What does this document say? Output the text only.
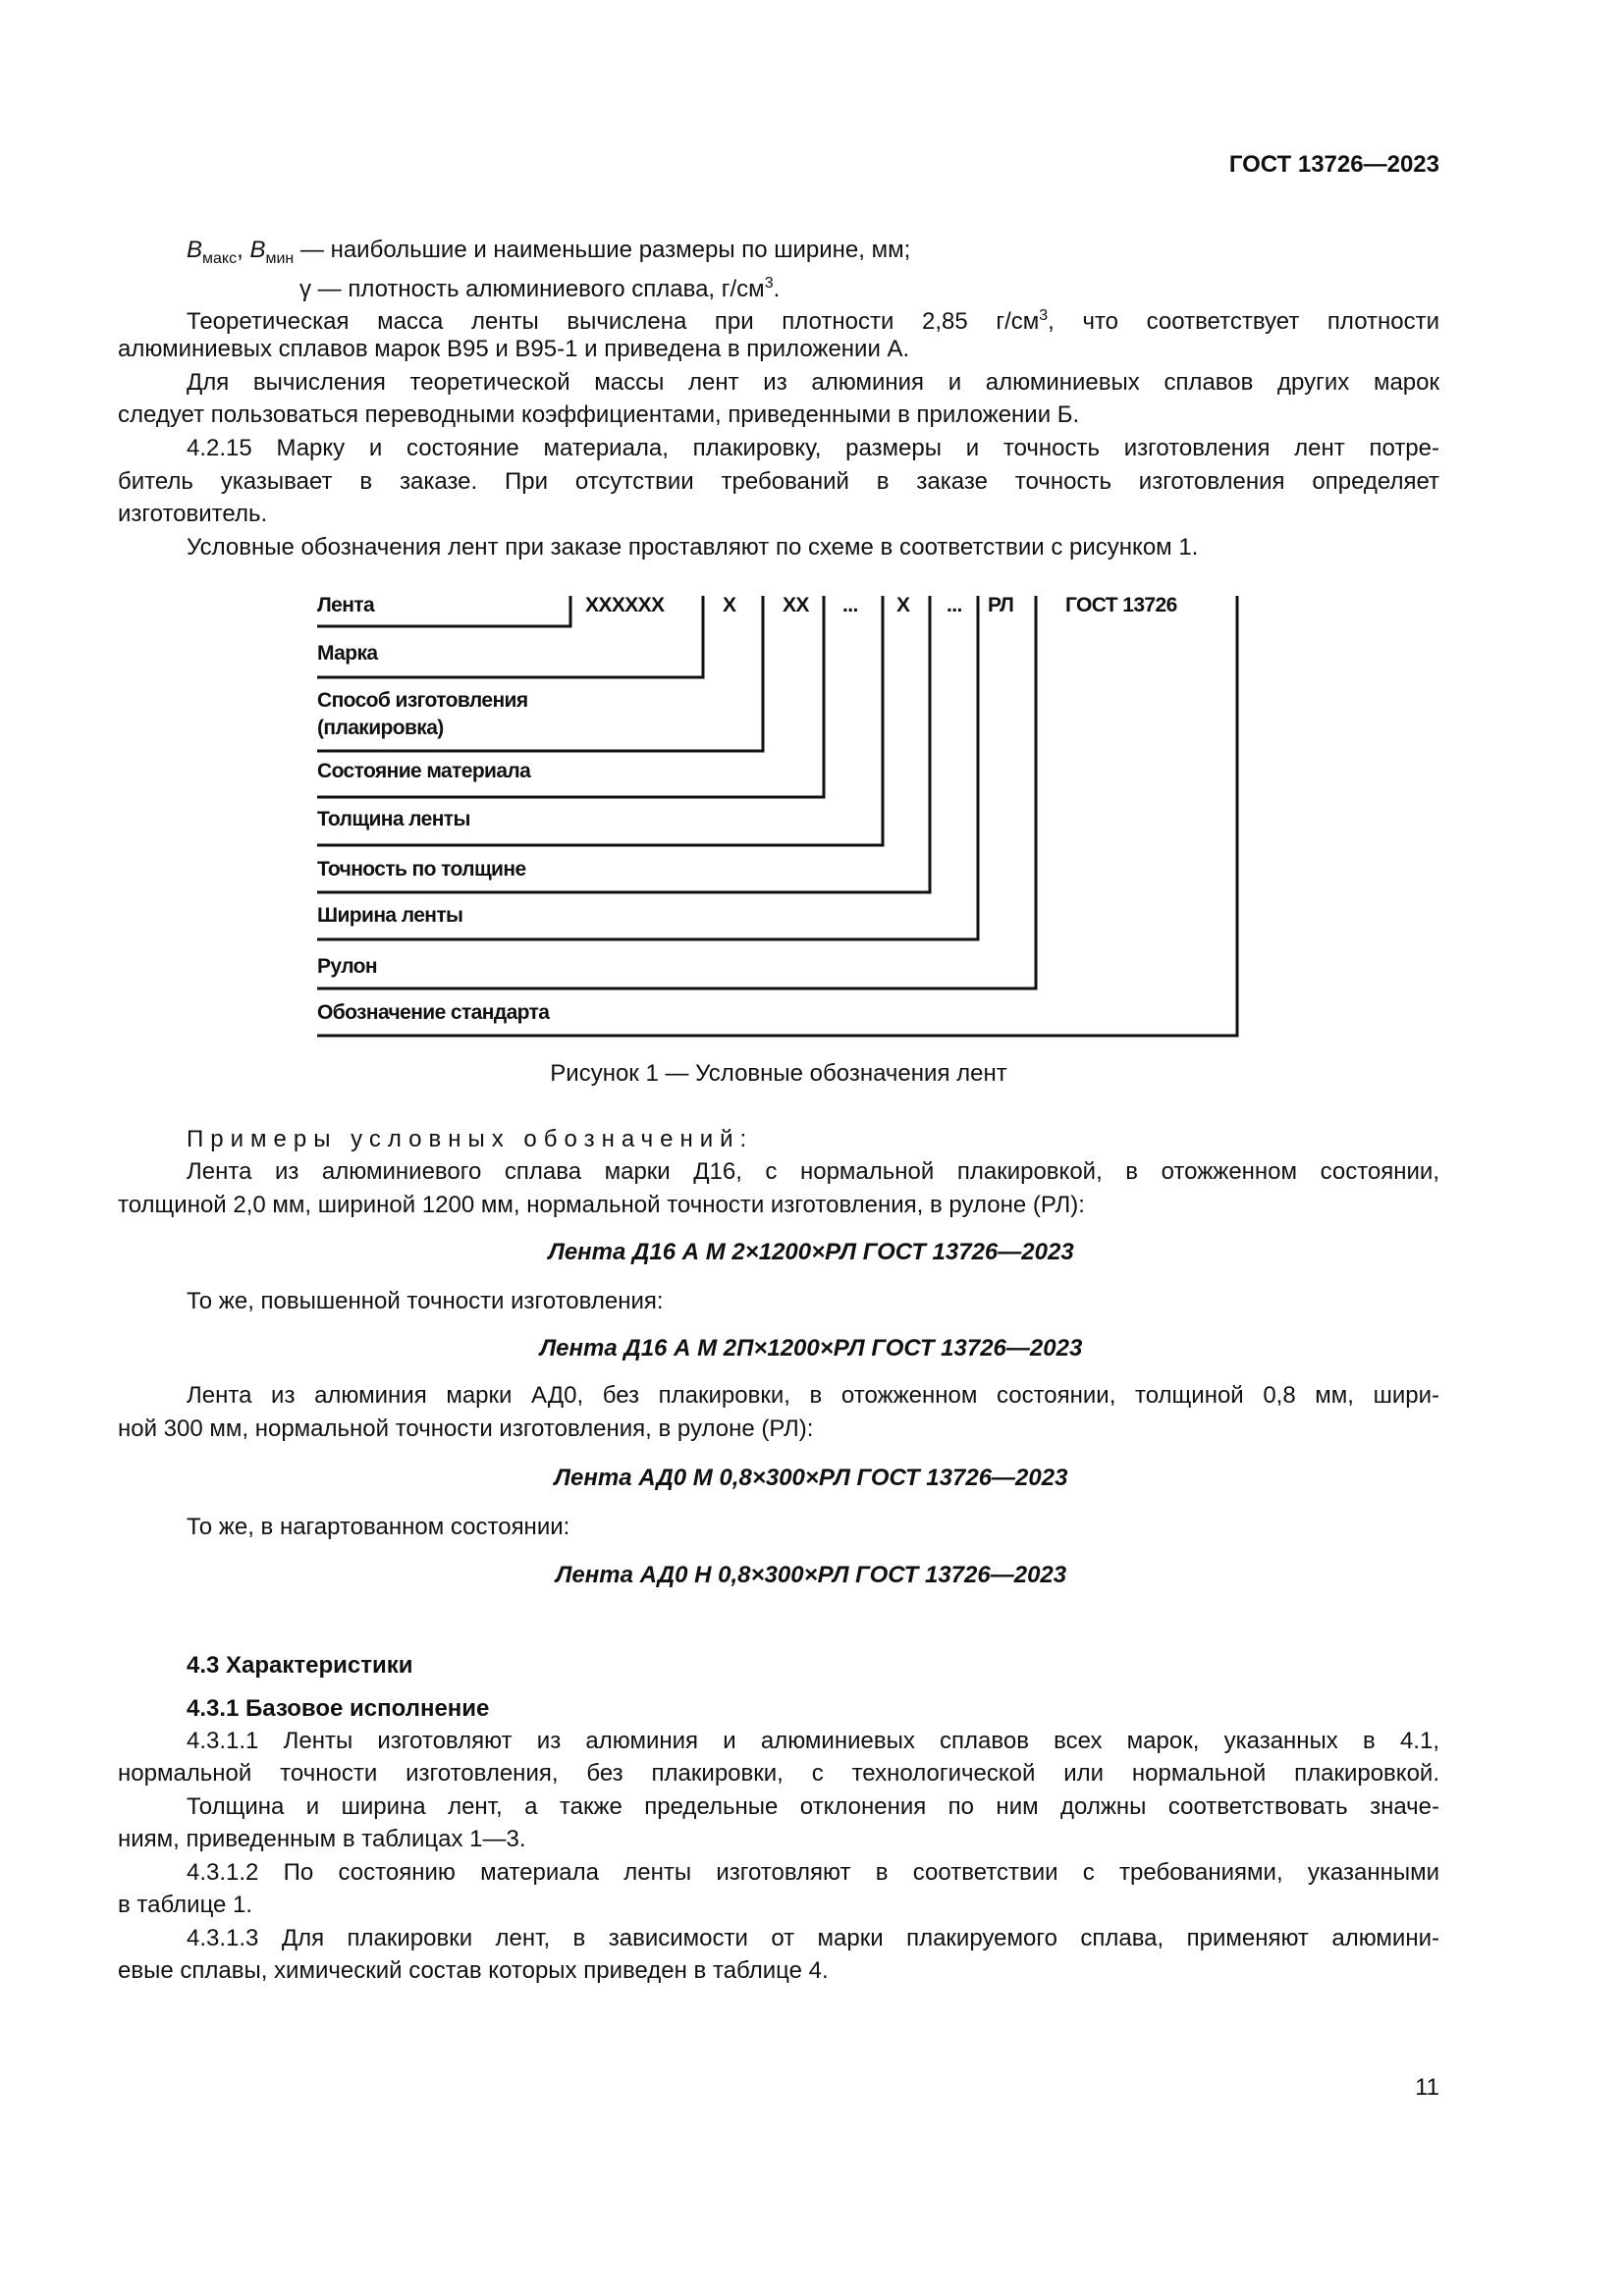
ГОСТ 13726—2023
$B_{макс}$, $B_{мин}$ — наибольшие и наименьшие размеры по ширине, мм;
γ — плотность алюминиевого сплава, $г/см^3$.
Теоретическая масса ленты вычислена при плотности 2,85 $г/см^3$, что соответствует плотности
алюминиевых сплавов марок В95 и В95-1 и приведена в приложении А.
Для вычисления теоретической массы лент из алюминия и алюминиевых сплавов других марок
следует пользоваться переводными коэффициентами, приведенными в приложении Б.
4.2.15 Марку и состояние материала, плакировку, размеры и точность изготовления лент потре-
битель указывает в заказе. При отсутствии требований в заказе точность изготовления определяет
изготовитель.
Условные обозначения лент при заказе проставляют по схеме в соответствии с рисунком 1.
XXXXXX	X XX ... X ... РЛ	ГОСТ 13726
Лента
Марка
Способ изготовления
(плакировка)
Состояние материала
Толщина ленты
Точность по толщине
Ширина ленты
Рулон
Обозначение стандарта
Рисунок 1 — Условные обозначения лент
Примеры условных обозначений:
Лента из алюминиевого сплава марки Д16, с нормальной плакировкой, в отожженном состоянии,
толщиной 2,0 мм, шириной 1200 мм, нормальной точности изготовления, в рулоне (РЛ):
Лента Д16 А М 2×1200×РЛ ГОСТ 13726—2023
То же, повышенной точности изготовления:
Лента Д16 А М 2П×1200×РЛ ГОСТ 13726—2023
Лента из алюминия марки АД0, без плакировки, в отожженном состоянии, толщиной 0,8 мм, шири-
ной 300 мм, нормальной точности изготовления, в рулоне (РЛ):
Лента АД0 М 0,8×300×РЛ ГОСТ 13726—2023
То же, в нагартованном состоянии:
Лента АД0 Н 0,8×300×РЛ ГОСТ 13726—2023
4.3 Характеристики
4.3.1 Базовое исполнение
4.3.1.1 Ленты изготовляют из алюминия и алюминиевых сплавов всех марок, указанных в 4.1,
нормальной точности изготовления, без плакировки, с технологической или нормальной плакировкой.
Толщина и ширина лент, а также предельные отклонения по ним должны соответствовать значе-
ниям, приведенным в таблицах 1—3.
4.3.1.2 По состоянию материала ленты изготовляют в соответствии с требованиями, указанными
в таблице 1.
4.3.1.3 Для плакировки лент, в зависимости от марки плакируемого сплава, применяют алюмини-
евые сплавы, химический состав которых приведен в таблице 4.
11
